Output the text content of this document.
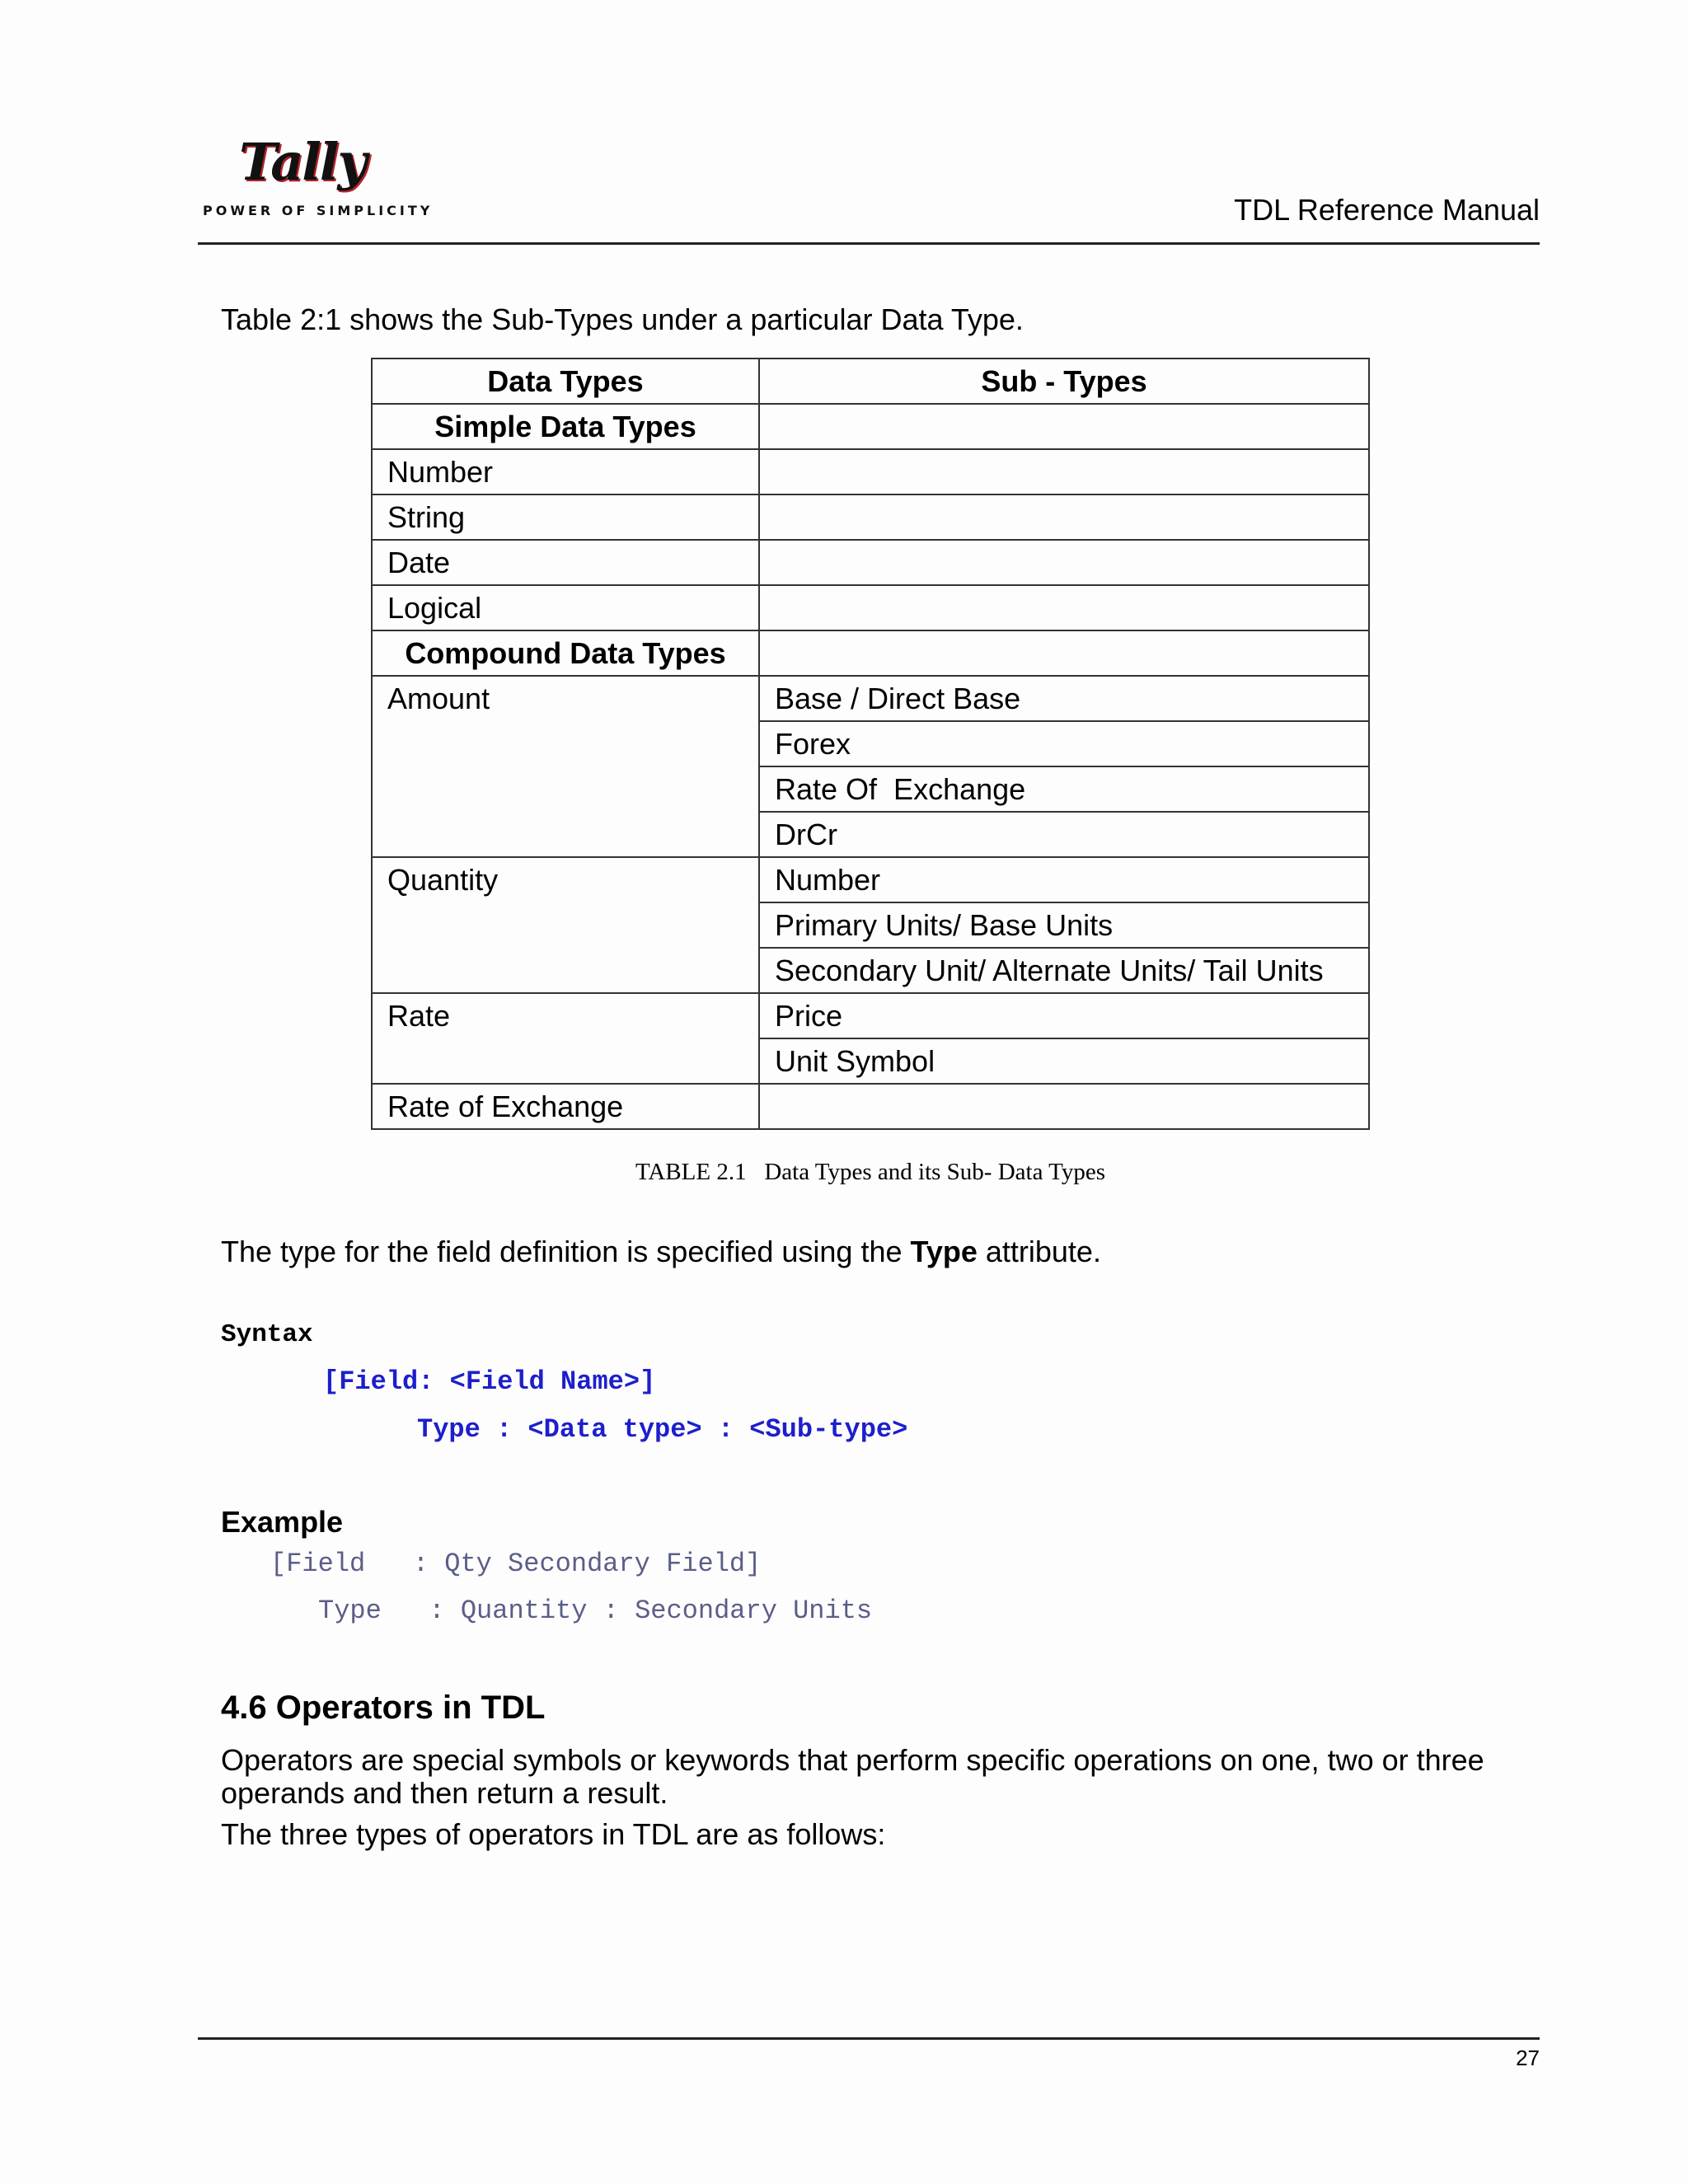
Tally
POWER OF SIMPLICITY	TDL Reference Manual
Table 2:1 shows the Sub-Types under a particular Data Type.
Data Types	Sub - Types
Simple Data Types	
Number	
String	
Date	
Logical	
Compound Data Types	
Amount	Base / Direct Base
	Forex
	Rate Of  Exchange
	DrCr
Quantity	Number
	Primary Units/ Base Units
	Secondary Unit/ Alternate Units/ Tail Units
Rate	Price
	Unit Symbol
Rate of Exchange	
TABLE 2.1   Data Types and its Sub- Data Types
The type for the field definition is specified using the Type attribute.
Syntax
[Field: <Field Name>]
Type : <Data type> : <Sub-type>
Example
[Field   : Qty Secondary Field]
Type   : Quantity : Secondary Units
4.6 Operators in TDL
Operators are special symbols or keywords that perform specific operations on one, two or three
operands and then return a result.
The three types of operators in TDL are as follows:
27
